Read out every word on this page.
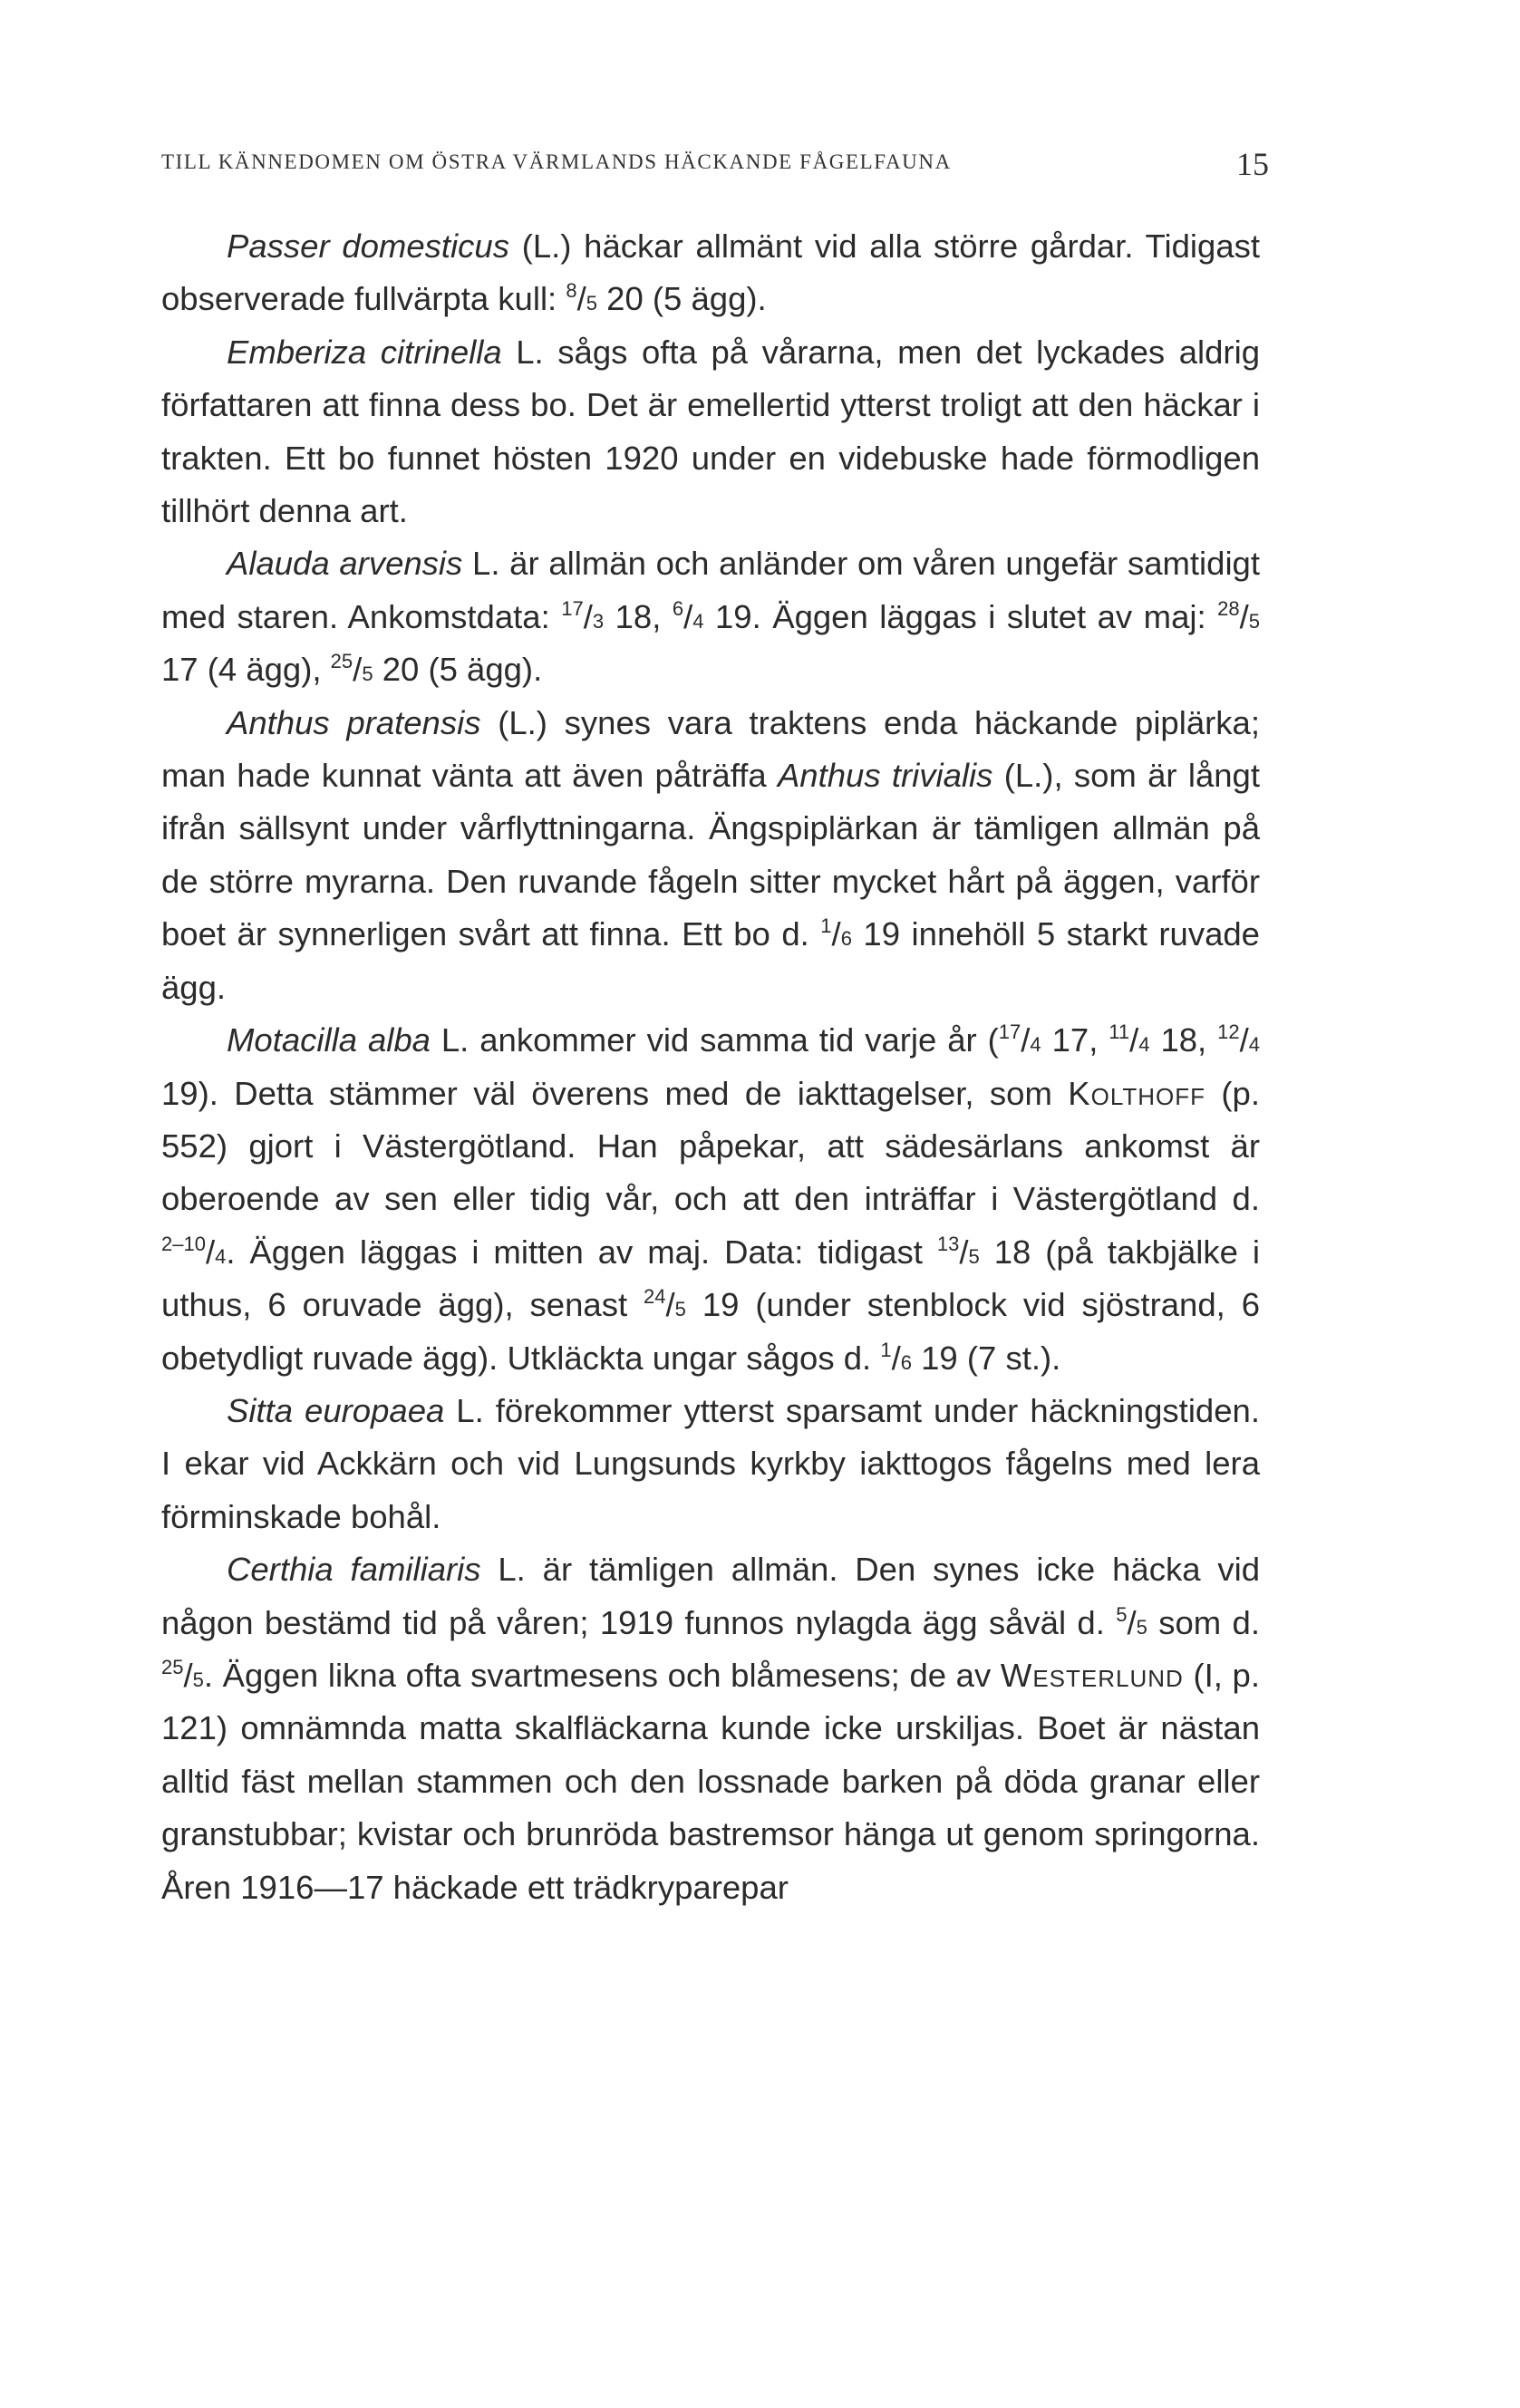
TILL KÄNNEDOMEN OM ÖSTRA VÄRMLANDS HÄCKANDE FÅGELFAUNA	15

Passer domesticus (L.) häckar allmänt vid alla större gårdar. Tidigast observerade fullvärpta kull: $^8$/5 20 (5 ägg).

Emberiza citrinella L. sågs ofta på vårarna, men det lyckades aldrig författaren att finna dess bo. Det är emellertid ytterst troligt att den häckar i trakten. Ett bo funnet hösten 1920 under en videbuske hade förmodligen tillhört denna art.

Alauda arvensis L. är allmän och anländer om våren ungefär samtidigt med staren. Ankomstdata: $^{17}$/3 18, $^6$/4 19. Äggen läggas i slutet av maj: $^{28}$/5 17 (4 ägg), $^{25}$/5 20 (5 ägg).

Anthus pratensis (L.) synes vara traktens enda häckande piplärka; man hade kunnat vänta att även påträffa Anthus trivialis (L.), som är långt ifrån sällsynt under vårflyttningarna. Ängspiplärkan är tämligen allmän på de större myrarna. Den ruvande fågeln sitter mycket hårt på äggen, varför boet är synnerligen svårt att finna. Ett bo d. $^1$/6 19 innehöll 5 starkt ruvade ägg.

Motacilla alba L. ankommer vid samma tid varje år ($^{17}$/4 17, $^{11}$/4 18, $^{12}$/4 19). Detta stämmer väl överens med de iakttagelser, som Kolthoff (p. 552) gjort i Västergötland. Han påpekar, att sädesärlans ankomst är oberoende av sen eller tidig vår, och att den inträffar i Västergötland d. $^{2-10}$/4. Äggen läggas i mitten av maj. Data: tidigast $^{13}$/5 18 (på takbjälke i uthus, 6 oruvade ägg), senast $^{24}$/5 19 (under stenblock vid sjöstrand, 6 obetydligt ruvade ägg). Utkläckta ungar sågos d. $^1$/6 19 (7 st.).

Sitta europaea L. förekommer ytterst sparsamt under häckningstiden. I ekar vid Ackkärn och vid Lungsunds kyrkby iakttogos fågelns med lera förminskade bohål.

Certhia familiaris L. är tämligen allmän. Den synes icke häcka vid någon bestämd tid på våren; 1919 funnos nylagda ägg såväl d. $^5$/5 som d. $^{25}$/5. Äggen likna ofta svartmesens och blåmesens; de av Westerlund (I, p. 121) omnämnda matta skalfläckarna kunde icke urskiljas. Boet är nästan alltid fäst mellan stammen och den lossnade barken på döda granar eller granstubbar; kvistar och brunröda bastremsor hänga ut genom springorna. Åren 1916—17 häckade ett trädkryparepar
